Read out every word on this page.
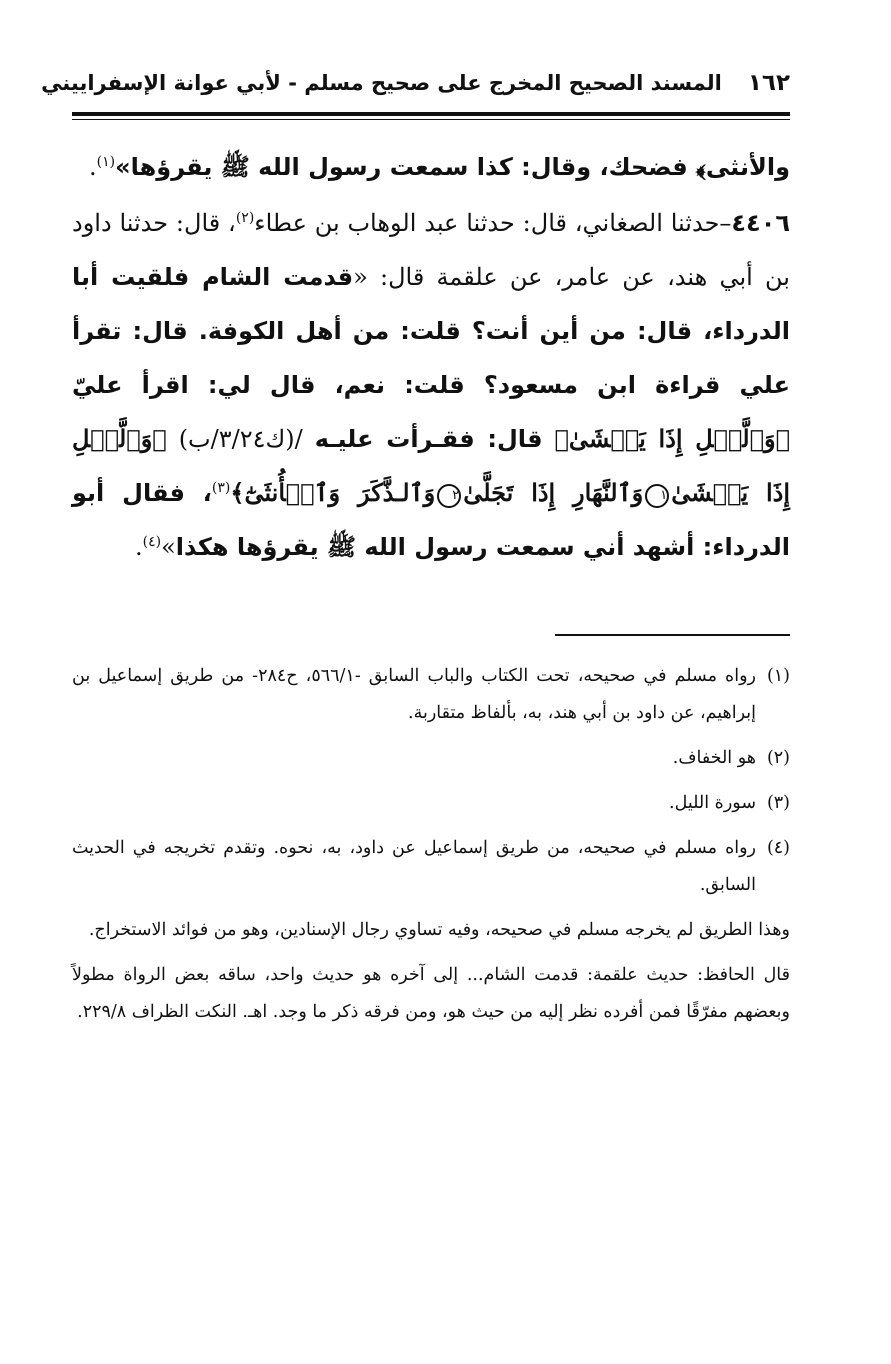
١٦٢
المسند الصحيح المخرج على صحيح مسلم - لأبي عوانة الإسفراييني

والأنثى﴾ فضحك، وقال: كذا سمعت رسول الله ﷺ يقرؤها»$^{(١)}$.

٤٤٠٦–حدثنا الصغاني، قال: حدثنا عبد الوهاب بن عطاء$^{(٢)}$، قال: حدثنا داود بن أبي هند، عن عامر، عن علقمة قال: «قدمت الشام فلقيت أبا الدرداء، قال: من أين أنت؟ قلت: من أهل الكوفة. قال: تقرأ علي قراءة ابن مسعود؟ قلت: نعم، قال لي: اقرأ عليّ ﴿وَٱلَّيۡلِ إِذَا يَغۡشَىٰ﴾ قال: فقـرأت عليـه /(ك٣/٢٤/ب) ﴿وَٱلَّيۡلِ إِذَا يَغۡشَىٰ١وَٱلنَّهَارِ إِذَا تَجَلَّىٰ٢وَٱلـذَّكَرَ وَٱلۡأُنثَىٰٓ﴾$^{(٣)}$، فقال أبو الدرداء: أشهد أني سمعت رسول الله ﷺ يقرؤها هكذا»$^{(٤)}$.

(١)
رواه مسلم في صحيحه، تحت الكتاب والباب السابق -٥٦٦/١، ح٢٨٤- من طريق إسماعيل بن إبراهيم، عن داود بن أبي هند، به، بألفاظ متقاربة.
(٢)
هو الخفاف.
(٣)
سورة الليل.
(٤)
رواه مسلم في صحيحه، من طريق إسماعيل عن داود، به، نحوه. وتقدم تخريجه في الحديث السابق.

وهذا الطريق لم يخرجه مسلم في صحيحه، وفيه تساوي رجال الإسنادين، وهو من فوائد الاستخراج.

قال الحافظ: حديث علقمة: قدمت الشام... إلى آخره هو حديث واحد، ساقه بعض الرواة مطولاً وبعضهم مفرّقًا فمن أفرده نظر إليه من حيث هو، ومن فرقه ذكر ما وجد. اهـ. النكت الظراف ٢٢٩/٨.
